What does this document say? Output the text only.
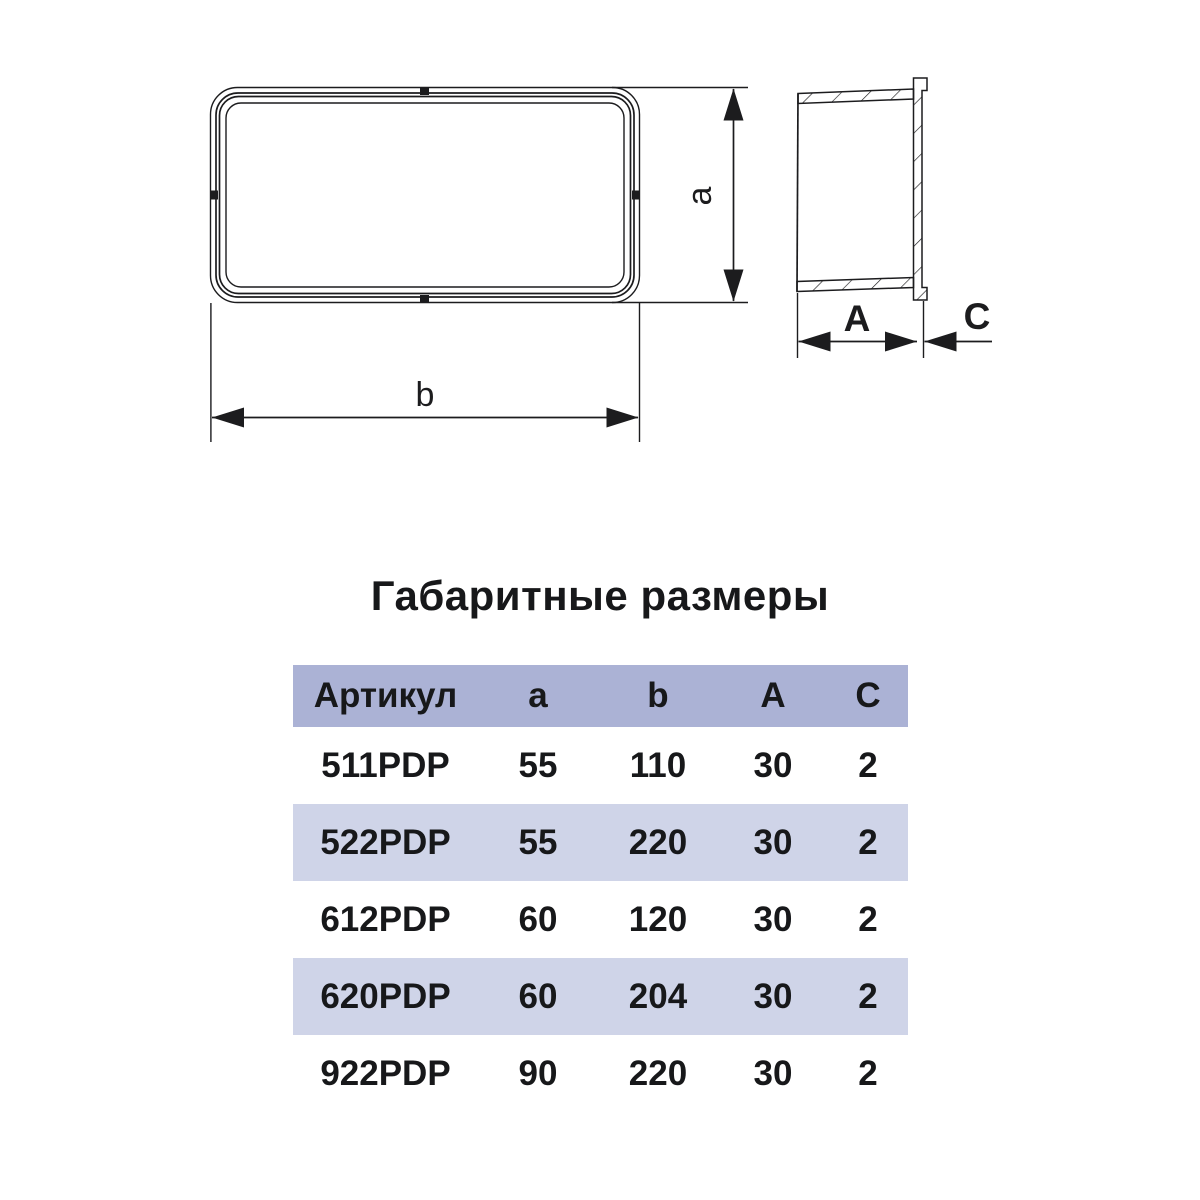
a
b
A	C
Габаритные размеры
Артикул	a	b	A	C
511PDP	55	110	30	2
522PDP	55	220	30	2
612PDP	60	120	30	2
620PDP	60	204	30	2
922PDP	90	220	30	2
